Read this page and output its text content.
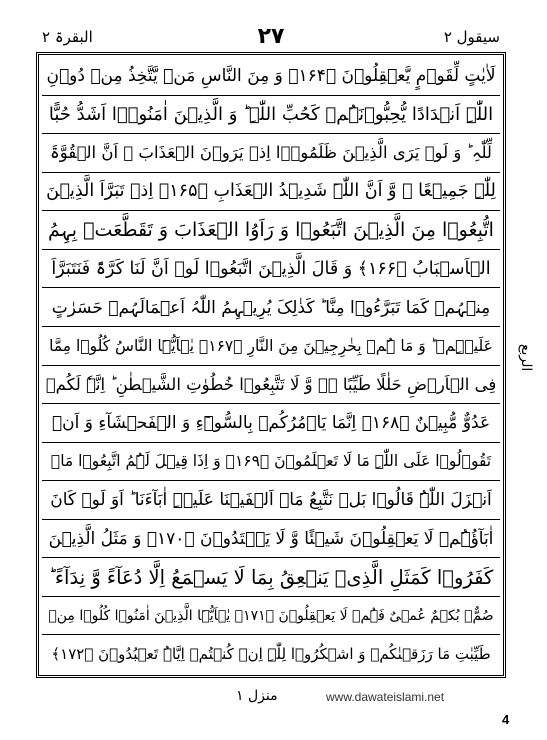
البقرۃ ٢	٢٧	سیقول ٢
لَاٰیٰتٍ لِّقَوۡمٍ یَّعۡقِلُوۡنَ ﴿۱۶۴﴾ وَ مِنَ النَّاسِ مَنۡ یَّتَّخِذُ مِنۡ دُوۡنِ
اللّٰہِ اَنۡدَادًا یُّحِبُّوۡنَہُمۡ کَحُبِّ اللّٰہِ ؕ وَ الَّذِیۡنَ اٰمَنُوۡۤا اَشَدُّ حُبًّا
لِّلّٰہِ ؕ وَ لَوۡ یَرَی الَّذِیۡنَ ظَلَمُوۡۤا اِذۡ یَرَوۡنَ الۡعَذَابَ ۙ اَنَّ الۡقُوَّۃَ
لِلّٰہِ جَمِیۡعًا ۙ وَّ اَنَّ اللّٰہَ شَدِیۡدُ الۡعَذَابِ ﴿۱۶۵﴾ اِذۡ تَبَرَّاَ الَّذِیۡنَ
اتُّبِعُوۡا مِنَ الَّذِیۡنَ اتَّبَعُوۡا وَ رَاَوُا الۡعَذَابَ وَ تَقَطَّعَتۡ بِہِمُ
الۡاَسۡبَابُ ﴿۱۶۶﴾ وَ قَالَ الَّذِیۡنَ اتَّبَعُوۡا لَوۡ اَنَّ لَنَا کَرَّۃً فَنَتَبَرَّاَ
مِنۡہُمۡ کَمَا تَبَرَّءُوۡا مِنَّا ؕ کَذٰلِکَ یُرِیۡہِمُ اللّٰہُ اَعۡمَالَہُمۡ حَسَرٰتٍ
عَلَیۡہِمۡ ؕ وَ مَا ہُمۡ بِخٰرِجِیۡنَ مِنَ النَّارِ ﴿۱۶۷﴾ یٰۤاَیُّہَا النَّاسُ کُلُوۡا مِمَّا
فِی الۡاَرۡضِ حَلٰلًا طَیِّبًا ۫ۖ وَّ لَا تَتَّبِعُوۡا خُطُوٰتِ الشَّیۡطٰنِ ؕ اِنَّہٗ لَکُمۡ
عَدُوٌّ مُّبِیۡنٌ ﴿۱۶۸﴾ اِنَّمَا یَاۡمُرُکُمۡ بِالسُّوۡٓءِ وَ الۡفَحۡشَآءِ وَ اَنۡ
تَقُوۡلُوۡا عَلَی اللّٰہِ مَا لَا تَعۡلَمُوۡنَ ﴿۱۶۹﴾ وَ اِذَا قِیۡلَ لَہُمُ اتَّبِعُوۡا مَاۤ
اَنۡزَلَ اللّٰہُ قَالُوۡا بَلۡ نَتَّبِعُ مَاۤ اَلۡفَیۡنَا عَلَیۡہِ اٰبَآءَنَا ؕ اَوَ لَوۡ کَانَ
اٰبَآؤُہُمۡ لَا یَعۡقِلُوۡنَ شَیۡئًا وَّ لَا یَہۡتَدُوۡنَ ﴿۱۷۰﴾ وَ مَثَلُ الَّذِیۡنَ
کَفَرُوۡا کَمَثَلِ الَّذِیۡ یَنۡعِقُ بِمَا لَا یَسۡمَعُ اِلَّا دُعَآءً وَّ نِدَآءً ؕ
صُمٌّۢ بُکۡمٌ عُمۡیٌ فَہُمۡ لَا یَعۡقِلُوۡنَ ﴿۱۷۱﴾ یٰۤاَیُّہَا الَّذِیۡنَ اٰمَنُوۡا کُلُوۡا مِنۡ
طَیِّبٰتِ مَا رَزَقۡنٰکُمۡ وَ اشۡکُرُوۡا لِلّٰہِ اِنۡ کُنۡتُمۡ اِیَّاہُ تَعۡبُدُوۡنَ ﴿۱۷۲﴾
الربع
منزل ١	www.dawateislami.net
4
